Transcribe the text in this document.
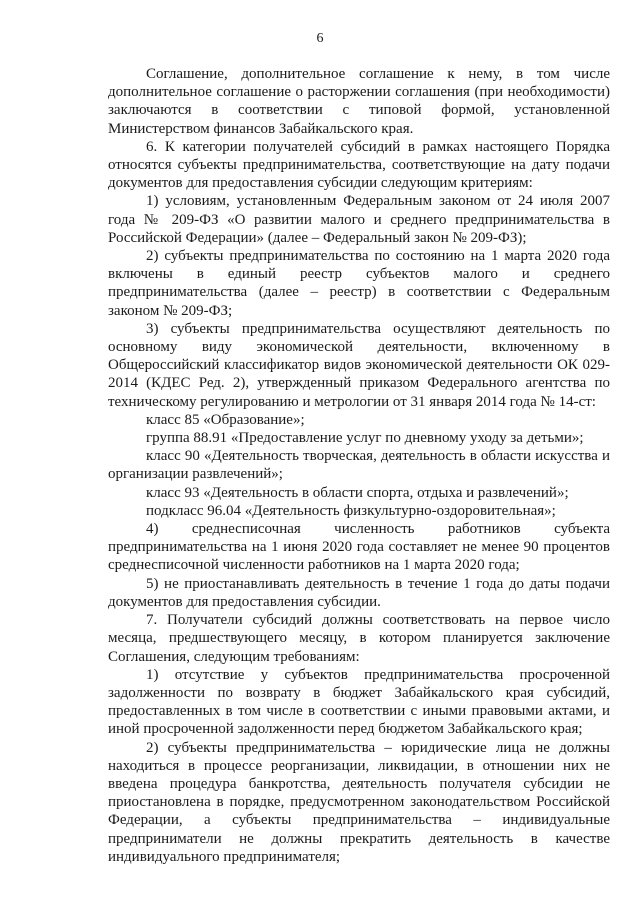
6

Соглашение, дополнительное соглашение к нему, в том числе дополнительное соглашение о расторжении соглашения (при необходимости) заключаются в соответствии с типовой формой, установленной Министерством финансов Забайкальского края.

6. К категории получателей субсидий в рамках настоящего Порядка относятся субъекты предпринимательства, соответствующие на дату подачи документов для предоставления субсидии следующим критериям:

1) условиям, установленным Федеральным законом от 24 июля 2007 года № 209-ФЗ «О развитии малого и среднего предпринимательства в Российской Федерации» (далее – Федеральный закон № 209-ФЗ);

2) субъекты предпринимательства по состоянию на 1 марта 2020 года включены в единый реестр субъектов малого и среднего предпринимательства (далее – реестр) в соответствии с Федеральным законом № 209-ФЗ;

3) субъекты предпринимательства осуществляют деятельность по основному виду экономической деятельности, включенному в Общероссийский классификатор видов экономической деятельности ОК 029-2014 (КДЕС Ред. 2), утвержденный приказом Федерального агентства по техническому регулированию и метрологии от 31 января 2014 года № 14-ст:

класс 85 «Образование»;

группа 88.91 «Предоставление услуг по дневному уходу за детьми»;

класс 90 «Деятельность творческая, деятельность в области искусства и организации развлечений»;

класс 93 «Деятельность в области спорта, отдыха и развлечений»;

подкласс 96.04 «Деятельность физкультурно-оздоровительная»;

4) среднесписочная численность работников субъекта предпринимательства на 1 июня 2020 года составляет не менее 90 процентов среднесписочной численности работников на 1 марта 2020 года;

5) не приостанавливать деятельность в течение 1 года до даты подачи документов для предоставления субсидии.

7. Получатели субсидий должны соответствовать на первое число месяца, предшествующего месяцу, в котором планируется заключение Соглашения, следующим требованиям:

1) отсутствие у субъектов предпринимательства просроченной задолженности по возврату в бюджет Забайкальского края субсидий, предоставленных в том числе в соответствии с иными правовыми актами, и иной просроченной задолженности перед бюджетом Забайкальского края;

2) субъекты предпринимательства – юридические лица не должны находиться в процессе реорганизации, ликвидации, в отношении них не введена процедура банкротства, деятельность получателя субсидии не приостановлена в порядке, предусмотренном законодательством Российской Федерации, а субъекты предпринимательства – индивидуальные предприниматели не должны прекратить деятельность в качестве индивидуального предпринимателя;
